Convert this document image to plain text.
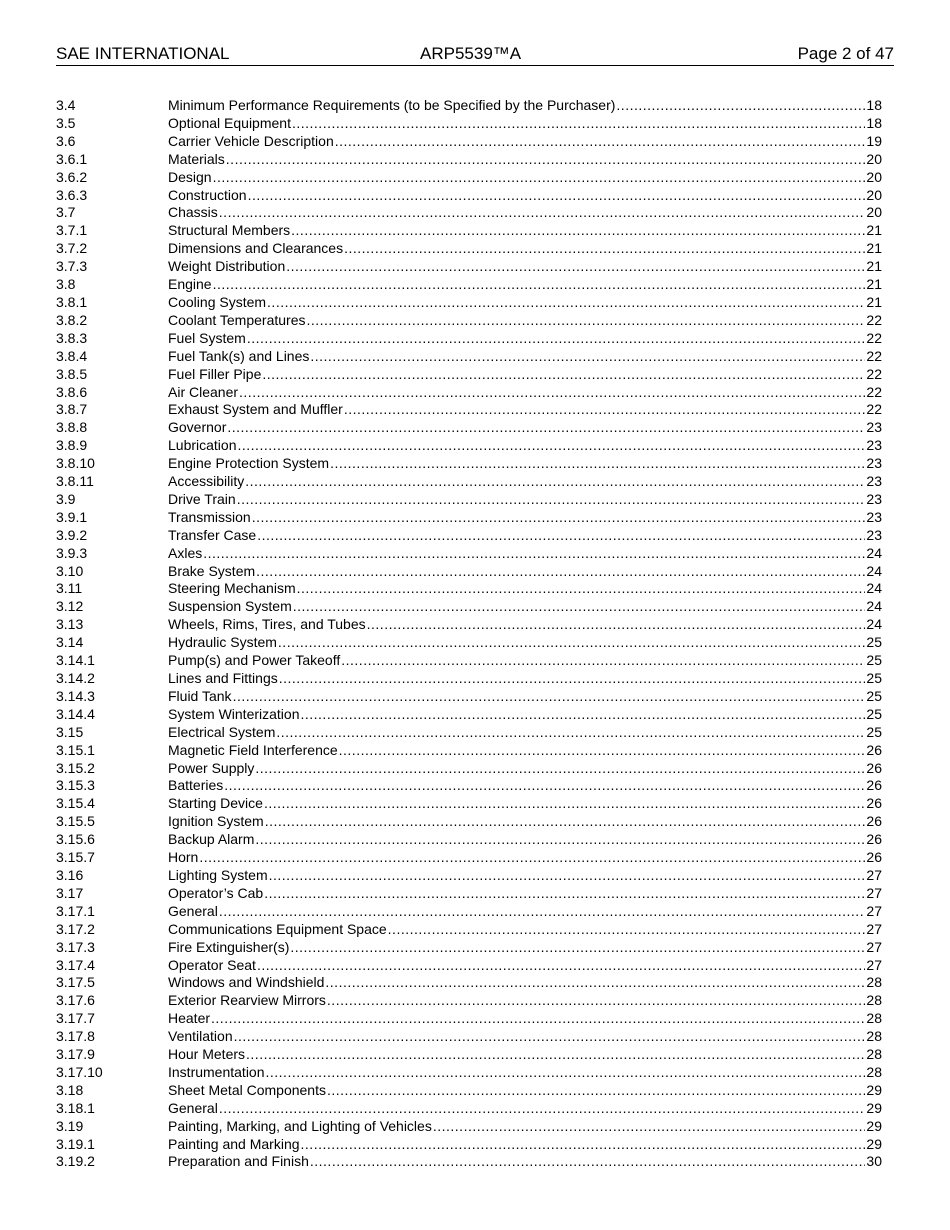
SAE INTERNATIONAL	ARP5539™A	Page 2 of 47
3.4	Minimum Performance Requirements (to be Specified by the Purchaser) .....	18
3.5	Optional Equipment .....	18
3.6	Carrier Vehicle Description .....	19
3.6.1	Materials .....	20
3.6.2	Design .....	20
3.6.3	Construction .....	20
3.7	Chassis .....	20
3.7.1	Structural Members .....	21
3.7.2	Dimensions and Clearances .....	21
3.7.3	Weight Distribution .....	21
3.8	Engine .....	21
3.8.1	Cooling System .....	21
3.8.2	Coolant Temperatures .....	22
3.8.3	Fuel System .....	22
3.8.4	Fuel Tank(s) and Lines .....	22
3.8.5	Fuel Filler Pipe .....	22
3.8.6	Air Cleaner .....	22
3.8.7	Exhaust System and Muffler .....	22
3.8.8	Governor .....	23
3.8.9	Lubrication .....	23
3.8.10	Engine Protection System .....	23
3.8.11	Accessibility .....	23
3.9	Drive Train .....	23
3.9.1	Transmission .....	23
3.9.2	Transfer Case .....	23
3.9.3	Axles .....	24
3.10	Brake System .....	24
3.11	Steering Mechanism .....	24
3.12	Suspension System .....	24
3.13	Wheels, Rims, Tires, and Tubes .....	24
3.14	Hydraulic System .....	25
3.14.1	Pump(s) and Power Takeoff .....	25
3.14.2	Lines and Fittings .....	25
3.14.3	Fluid Tank .....	25
3.14.4	System Winterization .....	25
3.15	Electrical System .....	25
3.15.1	Magnetic Field Interference .....	26
3.15.2	Power Supply .....	26
3.15.3	Batteries .....	26
3.15.4	Starting Device .....	26
3.15.5	Ignition System .....	26
3.15.6	Backup Alarm .....	26
3.15.7	Horn .....	26
3.16	Lighting System .....	27
3.17	Operator’s Cab .....	27
3.17.1	General .....	27
3.17.2	Communications Equipment Space .....	27
3.17.3	Fire Extinguisher(s) .....	27
3.17.4	Operator Seat .....	27
3.17.5	Windows and Windshield .....	28
3.17.6	Exterior Rearview Mirrors .....	28
3.17.7	Heater .....	28
3.17.8	Ventilation .....	28
3.17.9	Hour Meters .....	28
3.17.10	Instrumentation .....	28
3.18	Sheet Metal Components .....	29
3.18.1	General .....	29
3.19	Painting, Marking, and Lighting of Vehicles .....	29
3.19.1	Painting and Marking .....	29
3.19.2	Preparation and Finish .....	30
